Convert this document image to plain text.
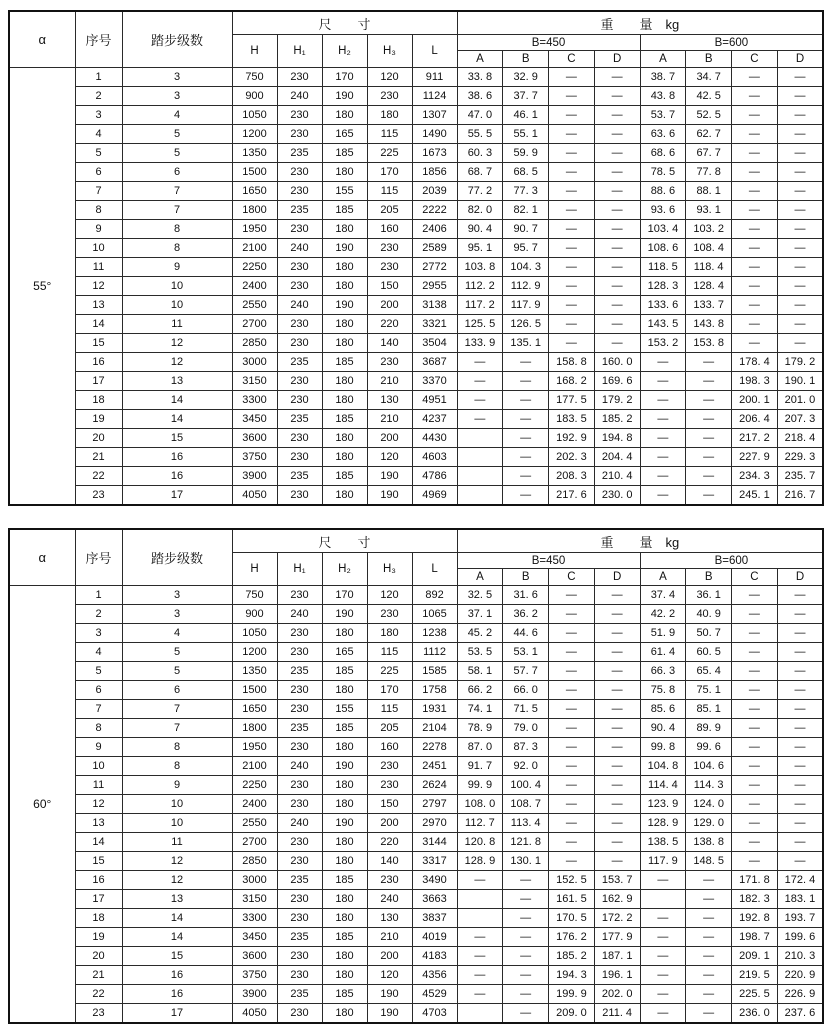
α	序号	踏步级数	尺　　寸					重　　量　kg							
			H	H₁	H₂	H₃	L	B=450				B=600			
								A	B	C	D	A	B	C	D
55°	1	3	750	230	170	120	911	33. 8	32. 9	—	—	38. 7	34. 7	—	—
	2	3	900	240	190	230	1124	38. 6	37. 7	—	—	43. 8	42. 5	—	—
	3	4	1050	230	180	180	1307	47. 0	46. 1	—	—	53. 7	52. 5	—	—
	4	5	1200	230	165	115	1490	55. 5	55. 1	—	—	63. 6	62. 7	—	—
	5	5	1350	235	185	225	1673	60. 3	59. 9	—	—	68. 6	67. 7	—	—
	6	6	1500	230	180	170	1856	68. 7	68. 5	—	—	78. 5	77. 8	—	—
	7	7	1650	230	155	115	2039	77. 2	77. 3	—	—	88. 6	88. 1	—	—
	8	7	1800	235	185	205	2222	82. 0	82. 1	—	—	93. 6	93. 1	—	—
	9	8	1950	230	180	160	2406	90. 4	90. 7	—	—	103. 4	103. 2	—	—
	10	8	2100	240	190	230	2589	95. 1	95. 7	—	—	108. 6	108. 4	—	—
	11	9	2250	230	180	230	2772	103. 8	104. 3	—	—	118. 5	118. 4	—	—
	12	10	2400	230	180	150	2955	112. 2	112. 9	—	—	128. 3	128. 4	—	—
	13	10	2550	240	190	200	3138	117. 2	117. 9	—	—	133. 6	133. 7	—	—
	14	11	2700	230	180	220	3321	125. 5	126. 5	—	—	143. 5	143. 8	—	—
	15	12	2850	230	180	140	3504	133. 9	135. 1	—	—	153. 2	153. 8	—	—
	16	12	3000	235	185	230	3687	—	—	158. 8	160. 0	—	—	178. 4	179. 2
	17	13	3150	230	180	210	3370	—	—	168. 2	169. 6	—	—	198. 3	190. 1
	18	14	3300	230	180	130	4951	—	—	177. 5	179. 2	—	—	200. 1	201. 0
	19	14	3450	235	185	210	4237	—	—	183. 5	185. 2	—	—	206. 4	207. 3
	20	15	3600	230	180	200	4430		—	192. 9	194. 8	—	—	217. 2	218. 4
	21	16	3750	230	180	120	4603		—	202. 3	204. 4	—	—	227. 9	229. 3
	22	16	3900	235	185	190	4786		—	208. 3	210. 4	—	—	234. 3	235. 7
	23	17	4050	230	180	190	4969		—	217. 6	230. 0	—	—	245. 1	216. 7
α	序号	踏步级数	尺　　寸					重　　量　kg							
			H	H₁	H₂	H₃	L	B=450				B=600			
								A	B	C	D	A	B	C	D
60°	1	3	750	230	170	120	892	32. 5	31. 6	—	—	37. 4	36. 1	—	—
	2	3	900	240	190	230	1065	37. 1	36. 2	—	—	42. 2	40. 9	—	—
	3	4	1050	230	180	180	1238	45. 2	44. 6	—	—	51. 9	50. 7	—	—
	4	5	1200	230	165	115	1112	53. 5	53. 1	—	—	61. 4	60. 5	—	—
	5	5	1350	235	185	225	1585	58. 1	57. 7	—	—	66. 3	65. 4	—	—
	6	6	1500	230	180	170	1758	66. 2	66. 0	—	—	75. 8	75. 1	—	—
	7	7	1650	230	155	115	1931	74. 1	71. 5	—	—	85. 6	85. 1	—	—
	8	7	1800	235	185	205	2104	78. 9	79. 0	—	—	90. 4	89. 9	—	—
	9	8	1950	230	180	160	2278	87. 0	87. 3	—	—	99. 8	99. 6	—	—
	10	8	2100	240	190	230	2451	91. 7	92. 0	—	—	104. 8	104. 6	—	—
	11	9	2250	230	180	230	2624	99. 9	100. 4	—	—	114. 4	114. 3	—	—
	12	10	2400	230	180	150	2797	108. 0	108. 7	—	—	123. 9	124. 0	—	—
	13	10	2550	240	190	200	2970	112. 7	113. 4	—	—	128. 9	129. 0	—	—
	14	11	2700	230	180	220	3144	120. 8	121. 8	—	—	138. 5	138. 8	—	—
	15	12	2850	230	180	140	3317	128. 9	130. 1	—	—	117. 9	148. 5	—	—
	16	12	3000	235	185	230	3490	—	—	152. 5	153. 7	—	—	171. 8	172. 4
	17	13	3150	230	180	240	3663		—	161. 5	162. 9		—	182. 3	183. 1
	18	14	3300	230	180	130	3837		—	170. 5	172. 2	—	—	192. 8	193. 7
	19	14	3450	235	185	210	4019	—	—	176. 2	177. 9	—	—	198. 7	199. 6
	20	15	3600	230	180	200	4183	—	—	185. 2	187. 1	—	—	209. 1	210. 3
	21	16	3750	230	180	120	4356	—	—	194. 3	196. 1	—	—	219. 5	220. 9
	22	16	3900	235	185	190	4529	—	—	199. 9	202. 0	—	—	225. 5	226. 9
	23	17	4050	230	180	190	4703		—	209. 0	211. 4	—	—	236. 0	237. 6
